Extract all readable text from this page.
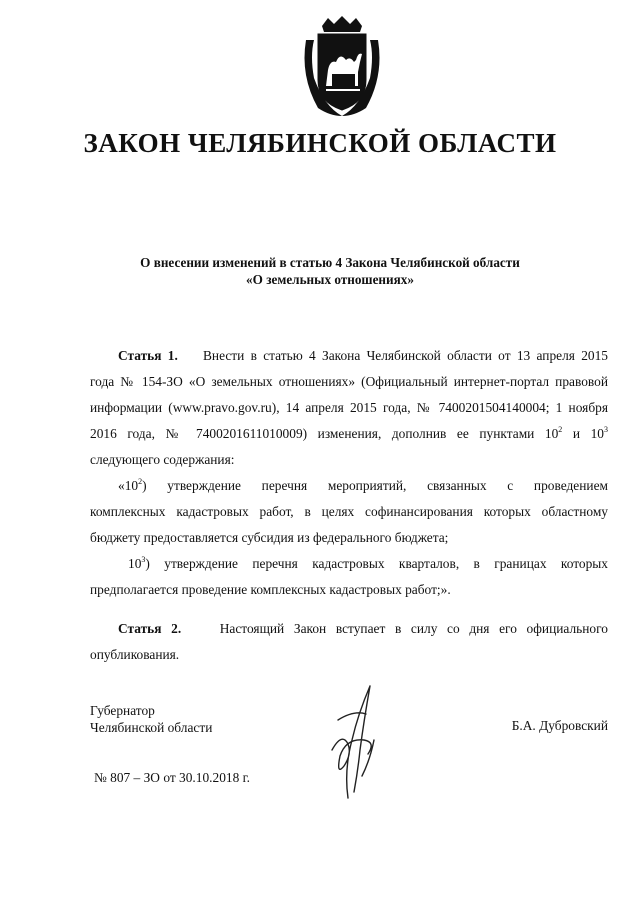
ЗАКОН ЧЕЛЯБИНСКОЙ ОБЛАСТИ
О внесении изменений в статью 4 Закона Челябинской области
«О земельных отношениях»
Статья 1. Внести в статью 4 Закона Челябинской области от 13 апреля 2015
года № 154-ЗО «О земельных отношениях» (Официальный интернет-портал правовой
информации (www.pravo.gov.ru), 14 апреля 2015 года, № 7400201504140004; 1 ноября
2016 года, № 7400201611010009) изменения, дополнив ее пунктами $10^2$ и $10^3$
следующего содержания:
«$10^2$) утверждение перечня мероприятий, связанных с проведением
комплексных кадастровых работ, в целях софинансирования которых областному
бюджету предоставляется субсидия из федерального бюджета;
$10^3$) утверждение перечня кадастровых кварталов, в границах которых
предполагается проведение комплексных кадастровых работ;».
Статья 2.	Настоящий Закон вступает в силу со дня его официального
опубликования.
Губернатор
Челябинской области	Б.А. Дубровский
№ 807 – ЗО от 30.10.2018 г.
